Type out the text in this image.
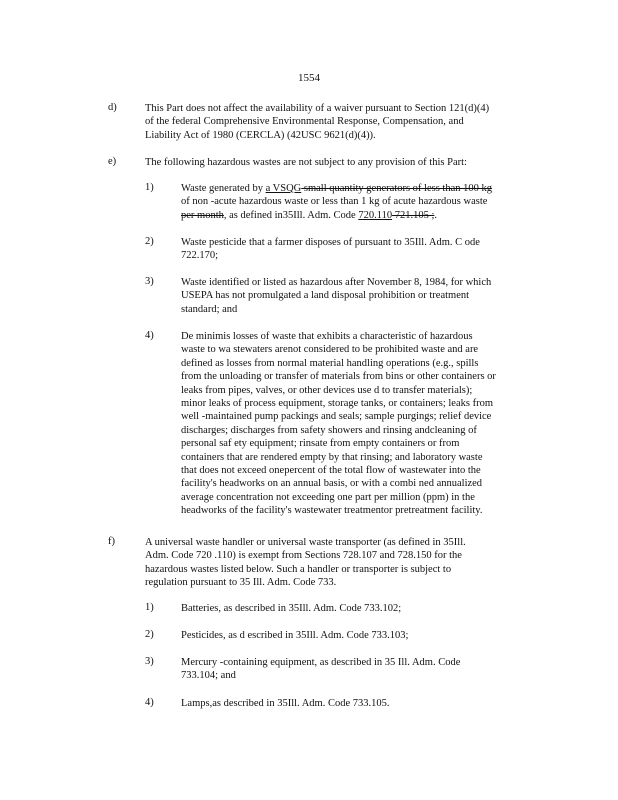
1554
d)	This Part does not affect the availability of a waiver pursuant to Section 121(d)(4)
of the federal Comprehensive Environmental Response, Compensation, and
Liability Act of 1980 (CERCLA) (42USC 9621(d)(4)).
e)	The following hazardous wastes are not subject to any provision of this Part:
1)	Waste generated by a VSQG small quantity generators of less than 100 kg
of non -acute hazardous waste or less than 1 kg of acute hazardous waste
per month, as defined in35Ill. Adm. Code 720.110 721.105 ;.
2)	Waste pesticide that a farmer disposes of pursuant to 35Ill. Adm. C ode
722.170;
3)	Waste identified or listed as hazardous after November 8, 1984, for which
USEPA has not promulgated a land disposal prohibition or treatment
standard; and
4)	De minimis losses of waste that exhibits a characteristic of hazardous
waste to wa stewaters arenot considered to be prohibited waste and are
defined as losses from normal material handling operations (e.g., spills
from the unloading or transfer of materials from bins or other containers or
leaks from pipes, valves, or other devices use d to transfer materials);
minor leaks of process equipment, storage tanks, or containers; leaks from
well -maintained pump packings and seals; sample purgings; relief device
discharges; discharges from safety showers and rinsing andcleaning of
personal saf ety equipment; rinsate from empty containers or from
containers that are rendered empty by that rinsing; and laboratory waste
that does not exceed onepercent of the total flow of wastewater into the
facility's headworks on an annual basis, or with a combi ned annualized
average concentration not exceeding one part per million (ppm) in the
headworks of the facility's wastewater treatmentor pretreatment facility.
f)	A universal waste handler or universal waste transporter (as defined in 35Ill.
Adm. Code 720 .110) is exempt from Sections 728.107 and 728.150 for the
hazardous wastes listed below. Such a handler or transporter is subject to
regulation pursuant to 35 Ill. Adm. Code 733.
1)	Batteries, as described in 35Ill. Adm. Code 733.102;
2)	Pesticides, as d escribed in 35Ill. Adm. Code 733.103;
3)	Mercury -containing equipment, as described in 35 Ill. Adm. Code
733.104; and
4)	Lamps,as described in 35Ill. Adm. Code 733.105.
